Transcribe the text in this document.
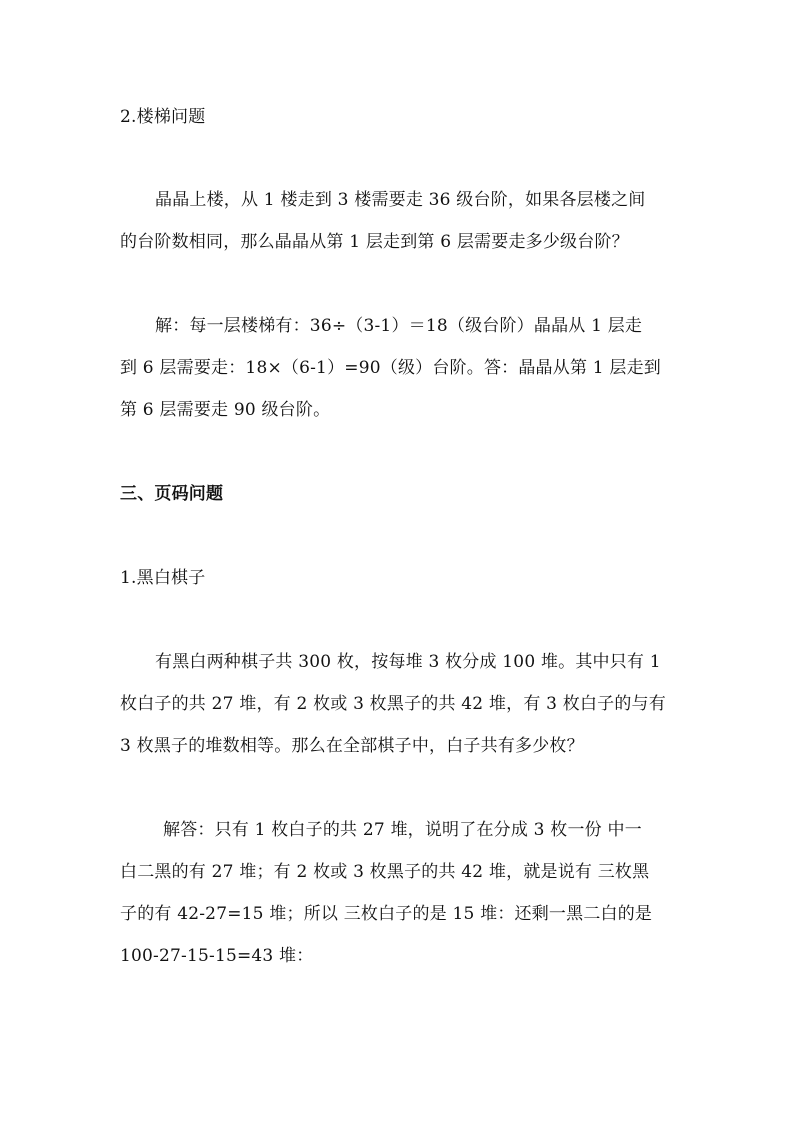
2.楼梯问题
晶晶上楼，从 1 楼走到 3 楼需要走 36 级台阶，如果各层楼之间
的台阶数相同，那么晶晶从第 1 层走到第 6 层需要走多少级台阶？
解：每一层楼梯有：36÷（3-1）＝18（级台阶）晶晶从 1 层走
到 6 层需要走：18×（6-1）=90（级）台阶。答：晶晶从第 1 层走到
第 6 层需要走 90 级台阶。
三、页码问题
1.黑白棋子
有黑白两种棋子共 300 枚，按每堆 3 枚分成 100 堆。其中只有 1
枚白子的共 27 堆，有 2 枚或 3 枚黑子的共 42 堆，有 3 枚白子的与有
3 枚黑子的堆数相等。那么在全部棋子中，白子共有多少枚？
解答：只有 1 枚白子的共 27 堆，说明了在分成 3 枚一份 中一
白二黑的有 27 堆；有 2 枚或 3 枚黑子的共 42 堆，就是说有 三枚黑
子的有 42-27=15 堆；所以 三枚白子的是 15 堆：还剩一黑二白的是
100-27-15-15=43 堆：
